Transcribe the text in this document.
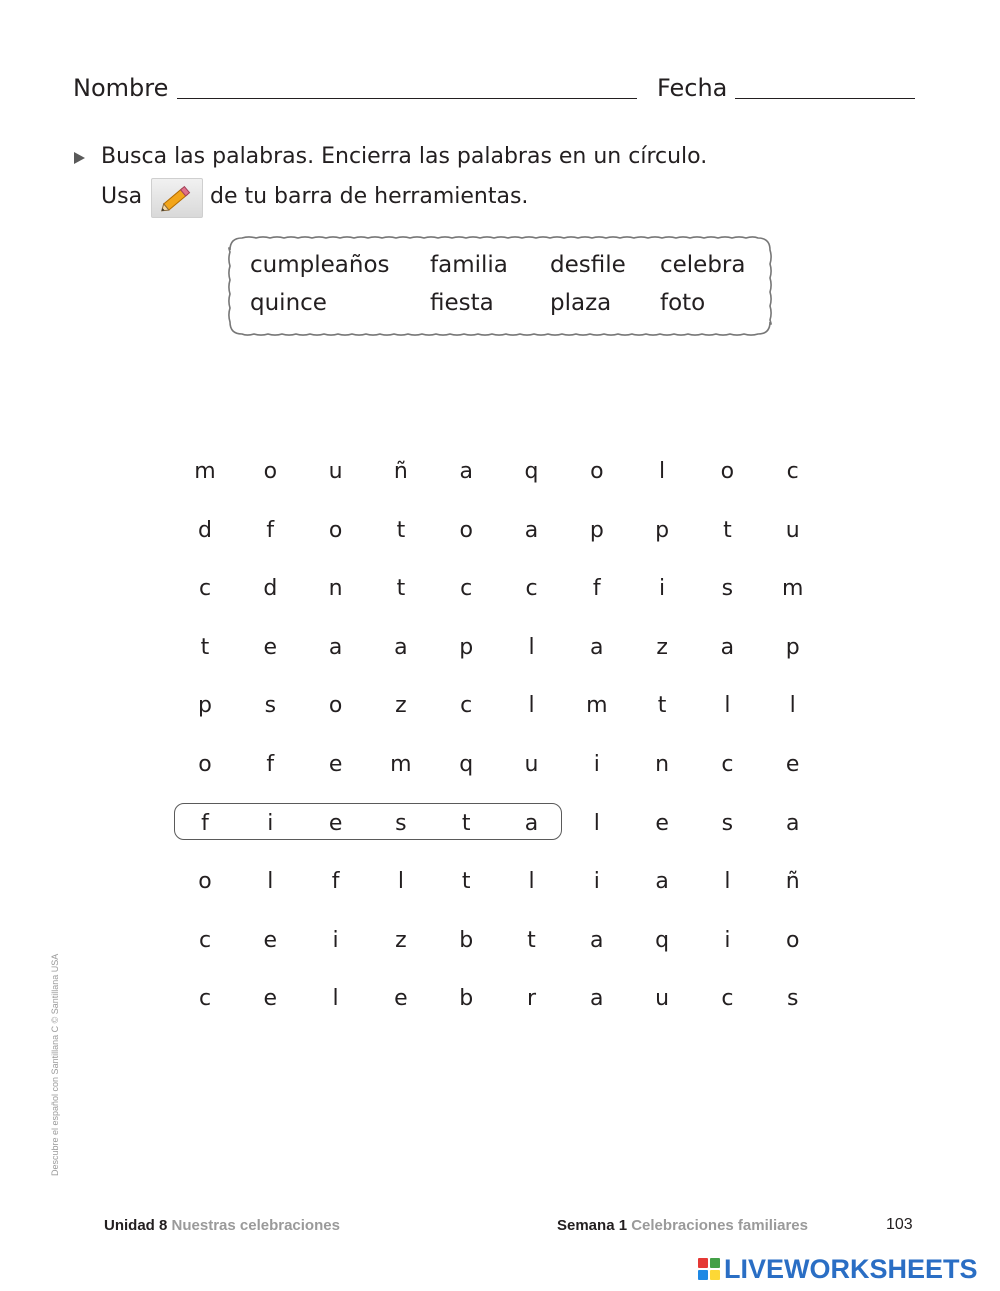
Nombre	Fecha
Busca las palabras. Encierra las palabras en un círculo.
Usa	de tu barra de herramientas.
cumpleaños familia desfile celebra
quince	fiesta plaza foto
m	o	u	ñ	a	q	o	l	o	c
d	f	o	t	o	a	p	p	t	u
c	d	n	t	c	c	f	i	s	m
t	e	a	a	p	l	a	z	a	p
p	s	o	z	c	l	m	t	l	l
o	f	e	m	q	u	i	n	c	e
f	i	e	s	t	a	l	e	s	a
o	l	f	l	t	l	i	a	l	ñ
c	e	i	z	b	t	a	q	i	o
c	e	l	e	b	r	a	u	c	s
Descubre el español con Santillana C © Santillana USA
Unidad 8 Nuestras celebraciones	Semana 1 Celebraciones familiares	103
LIVEWORKSHEETS
